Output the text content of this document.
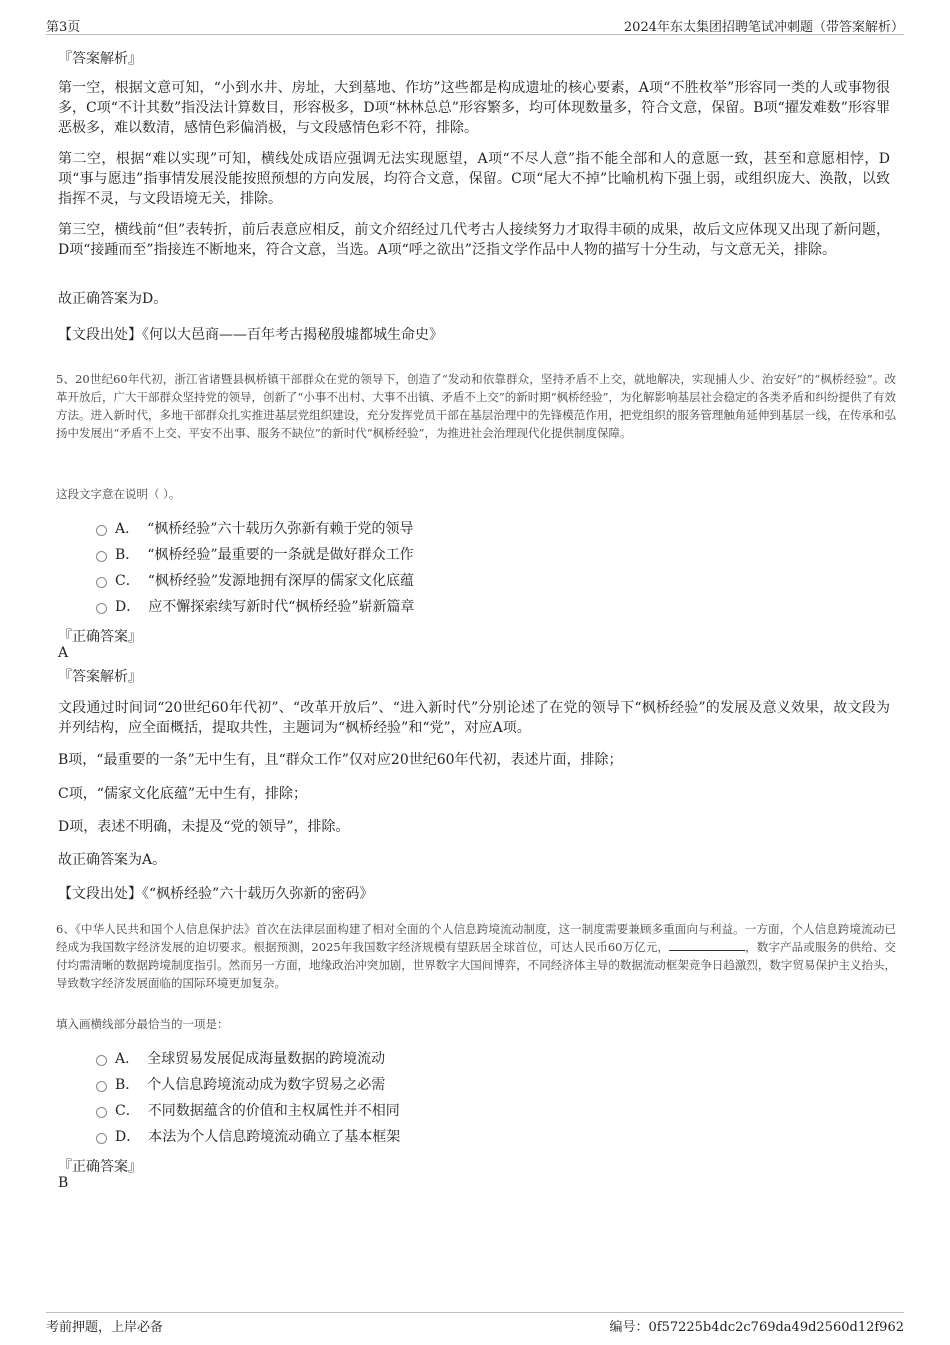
第3页	2024年东太集团招聘笔试冲刺题（带答案解析）
『答案解析』
第一空，根据文意可知，“小到水井、房址，大到墓地、作坊”这些都是构成遗址的核心要素，A项“不胜枚举”形容同一类的人或事物很多，C项“不计其数”指没法计算数目，形容极多，D项“林林总总”形容繁多，均可体现数量多，符合文意，保留。B项“擢发难数”形容罪恶极多，难以数清，感情色彩偏消极，与文段感情色彩不符，排除。
第二空，根据“难以实现”可知，横线处成语应强调无法实现愿望，A项“不尽人意”指不能全部和人的意愿一致，甚至和意愿相悖，D项“事与愿违”指事情发展没能按照预想的方向发展，均符合文意，保留。C项“尾大不掉”比喻机构下强上弱，或组织庞大、涣散，以致指挥不灵，与文段语境无关，排除。
第三空，横线前“但”表转折，前后表意应相反，前文介绍经过几代考古人接续努力才取得丰硕的成果，故后文应体现又出现了新问题，D项“接踵而至”指接连不断地来，符合文意，当选。A项“呼之欲出”泛指文学作品中人物的描写十分生动，与文意无关，排除。
故正确答案为D。
【文段出处】《何以大邑商——百年考古揭秘殷墟都城生命史》
5、20世纪60年代初，浙江省诸暨县枫桥镇干部群众在党的领导下，创造了“发动和依靠群众，坚持矛盾不上交，就地解决，实现捕人少、治安好”的“枫桥经验”。改革开放后，广大干部群众坚持党的领导，创新了“小事不出村、大事不出镇、矛盾不上交”的新时期“枫桥经验”，为化解影响基层社会稳定的各类矛盾和纠纷提供了有效方法。进入新时代，多地干部群众扎实推进基层党组织建设，充分发挥党员干部在基层治理中的先锋模范作用，把党组织的服务管理触角延伸到基层一线，在传承和弘扬中发展出“矛盾不上交、平安不出事、服务不缺位”的新时代“枫桥经验”，为推进社会治理现代化提供制度保障。
这段文字意在说明（ ）。
A． “枫桥经验”六十载历久弥新有赖于党的领导
B． “枫桥经验”最重要的一条就是做好群众工作
C． “枫桥经验”发源地拥有深厚的儒家文化底蕴
D． 应不懈探索续写新时代“枫桥经验”崭新篇章
『正确答案』
A
『答案解析』
文段通过时间词“20世纪60年代初”、“改革开放后”、“进入新时代”分别论述了在党的领导下“枫桥经验”的发展及意义效果，故文段为并列结构，应全面概括，提取共性，主题词为“枫桥经验”和“党”，对应A项。
B项，“最重要的一条”无中生有，且“群众工作”仅对应20世纪60年代初，表述片面，排除；
C项，“儒家文化底蕴”无中生有，排除；
D项，表述不明确，未提及“党的领导”，排除。
故正确答案为A。
【文段出处】《“枫桥经验”六十载历久弥新的密码》
6、《中华人民共和国个人信息保护法》首次在法律层面构建了相对全面的个人信息跨境流动制度，这一制度需要兼顾多重面向与利益。一方面，个人信息跨境流动已经成为我国数字经济发展的迫切要求。根据预测，2025年我国数字经济规模有望跃居全球首位，可达人民币60万亿元，	，数字产品或服务的供给、交付均需清晰的数据跨境制度指引。然而另一方面，地缘政治冲突加剧，世界数字大国间博弈，不同经济体主导的数据流动框架竞争日趋激烈，数字贸易保护主义抬头，导致数字经济发展面临的国际环境更加复杂。
填入画横线部分最恰当的一项是：
A． 全球贸易发展促成海量数据的跨境流动
B． 个人信息跨境流动成为数字贸易之必需
C． 不同数据蕴含的价值和主权属性并不相同
D． 本法为个人信息跨境流动确立了基本框架
『正确答案』
B
考前押题，上岸必备	编号：0f57225b4dc2c769da49d2560d12f962
